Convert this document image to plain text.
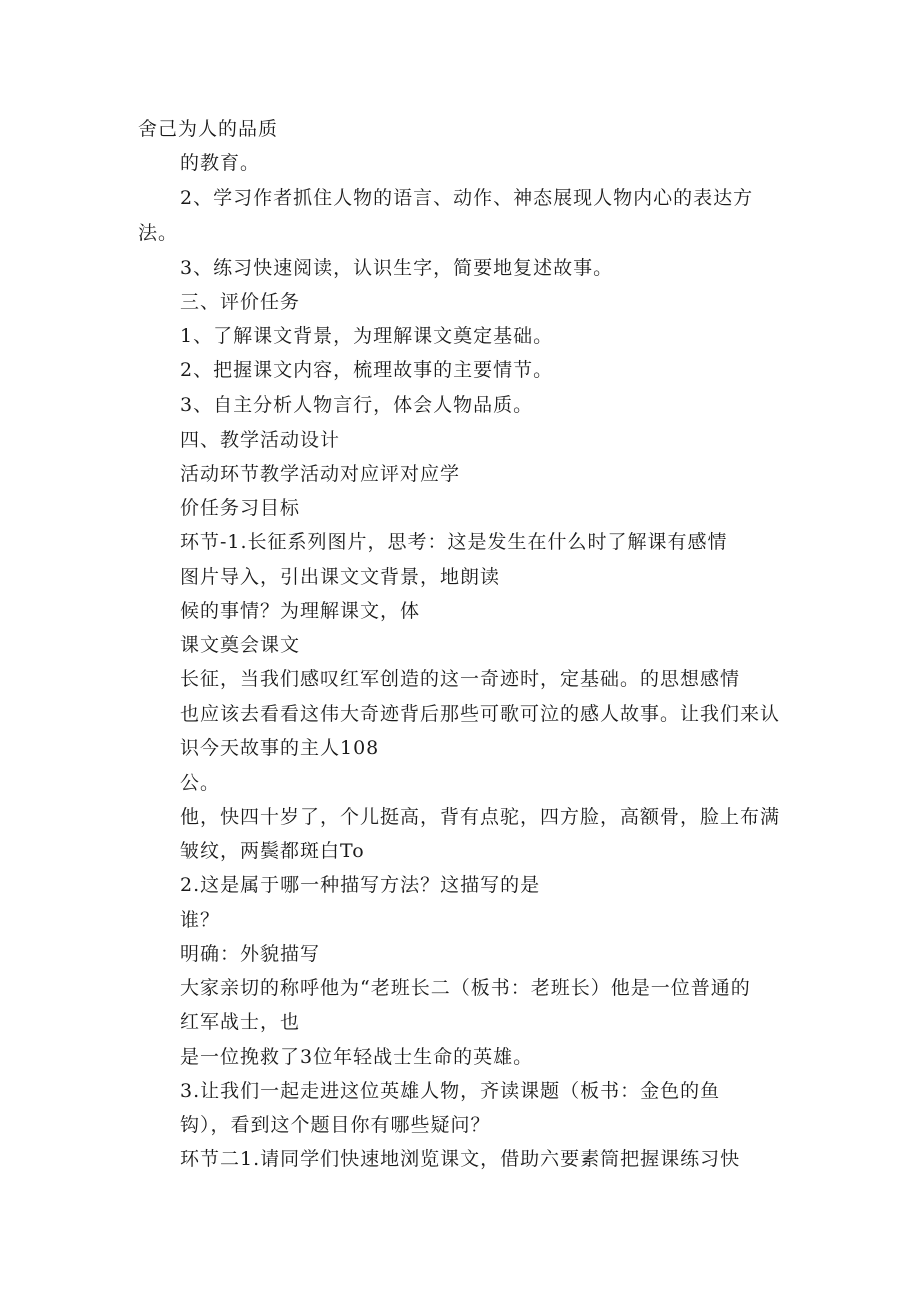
舍己为人的品质
的教育。
2、学习作者抓住人物的语言、动作、神态展现人物内心的表达方
法。
3、练习快速阅读，认识生字，简要地复述故事。
三、评价任务
1、了解课文背景，为理解课文奠定基础。
2、把握课文内容，梳理故事的主要情节。
3、自主分析人物言行，体会人物品质。
四、教学活动设计
活动环节教学活动对应评对应学
价任务习目标
环节-1.长征系列图片，思考：这是发生在什么时了解课有感情
图片导入，引出课文文背景，地朗读
候的事情？为理解课文，体
课文奠会课文
长征，当我们感叹红军创造的这一奇迹时，定基础。的思想感情
也应该去看看这伟大奇迹背后那些可歌可泣的感人故事。让我们来认
识今天故事的主人108
公。
他，快四十岁了，个儿挺高，背有点驼，四方脸，高额骨，脸上布满
皱纹，两鬓都斑白To
2.这是属于哪一种描写方法？这描写的是
谁？
明确：外貌描写
大家亲切的称呼他为“老班长二（板书：老班长）他是一位普通的
红军战士，也
是一位挽救了3位年轻战士生命的英雄。
3.让我们一起走进这位英雄人物，齐读课题（板书：金色的鱼
钩），看到这个题目你有哪些疑问？
环节二1.请同学们快速地浏览课文，借助六要素筒把握课练习快
